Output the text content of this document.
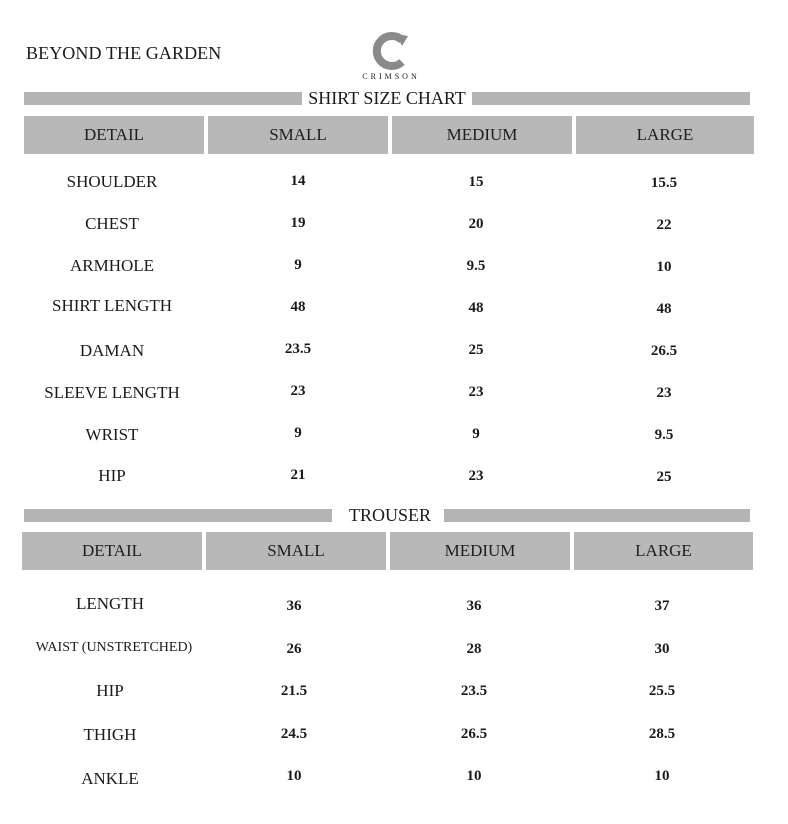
BEYOND THE GARDEN
CRIMSON
SHIRT SIZE CHART
DETAIL	SMALL	MEDIUM	LARGE
SHOULDER	14	15	15.5
CHEST	19	20	22
ARMHOLE	9	9.5	10
SHIRT LENGTH	48	48	48
DAMAN	23.5	25	26.5
SLEEVE LENGTH	23	23	23
WRIST	9	9	9.5
HIP	21	23	25
TROUSER
DETAIL	SMALL	MEDIUM	LARGE
LENGTH	36	36	37
WAIST (UNSTRETCHED)	26	28	30
HIP	21.5	23.5	25.5
THIGH	24.5	26.5	28.5
ANKLE	10	10	10
